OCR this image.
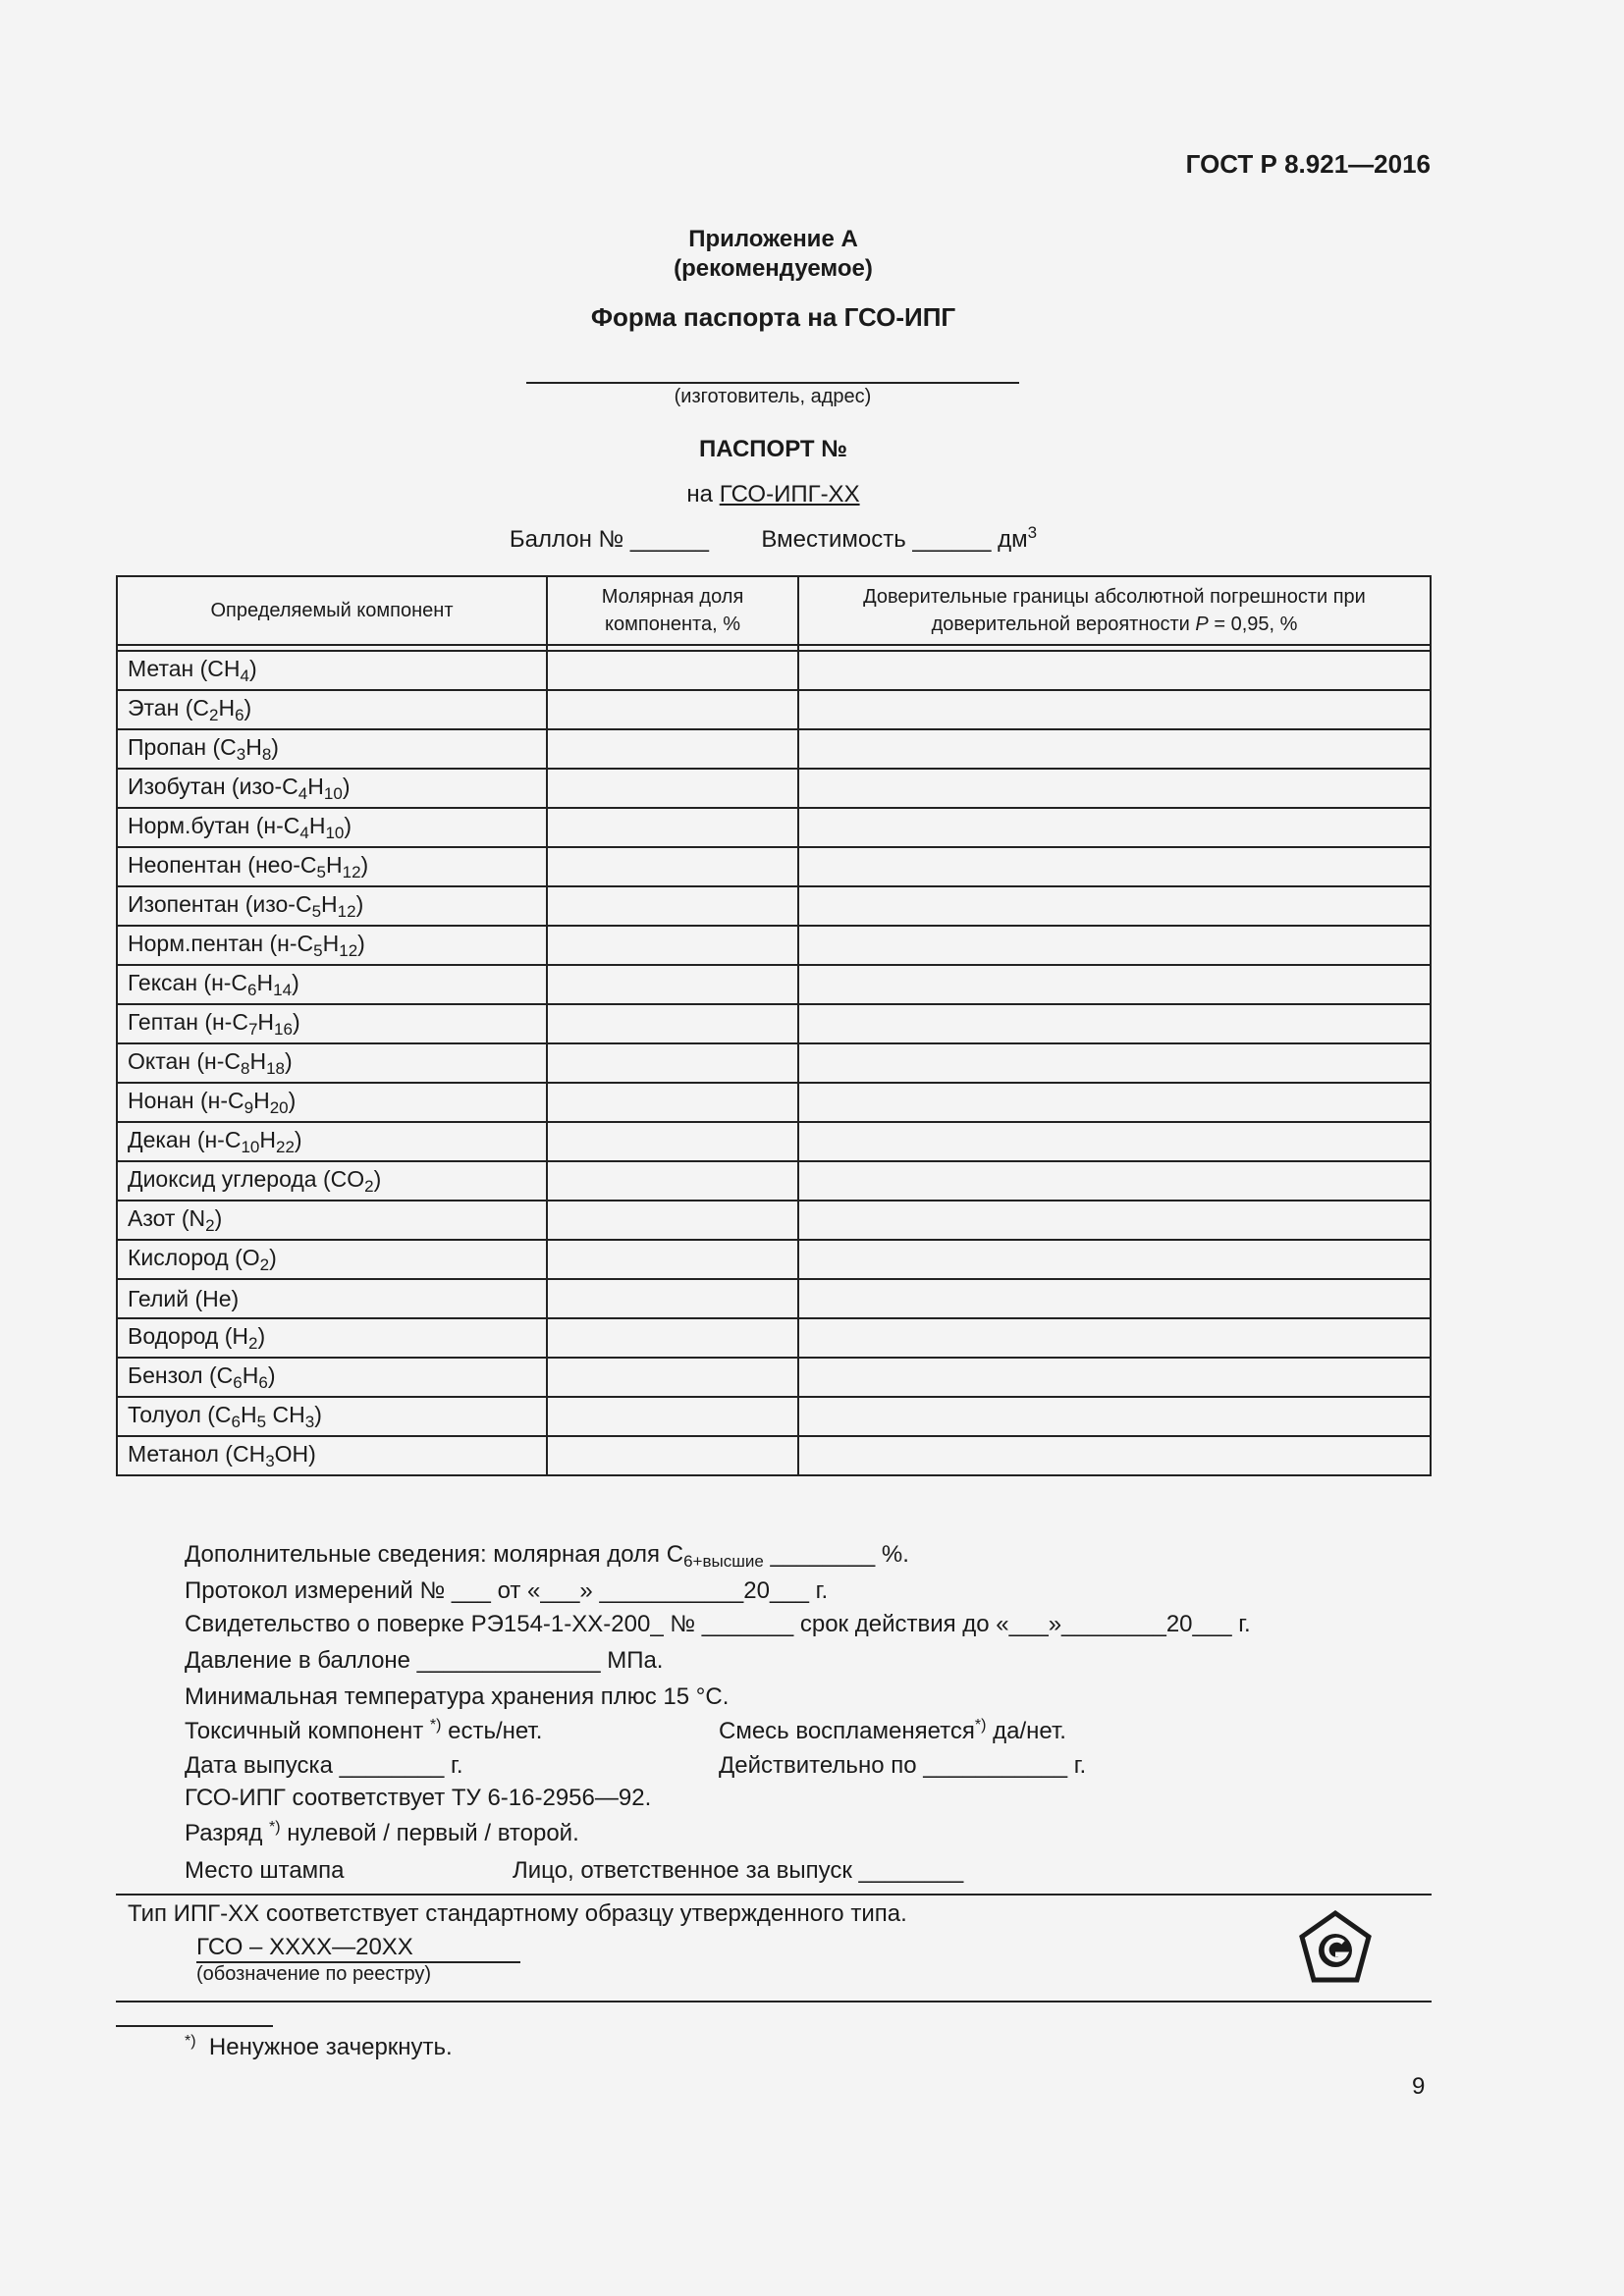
ГОСТ Р 8.921—2016
Приложение А
(рекомендуемое)
Форма паспорта на ГСО-ИПГ
(изготовитель, адрес)
ПАСПОРТ №
на ГСО-ИПГ-ХХ
Баллон № ______ Вместимость ______ $дм^3$
Определяемый компонент	Молярная доля компонента, %	Доверительные границы абсолютной погрешности при доверительной вероятности P = 0,95, %

Метан $(CH_4)$		
Этан $(C_2H_6)$		
Пропан $(C_3H_8)$		
Изобутан $(изо-C_4H_{10})$		
Норм.бутан $(н-C_4H_{10})$		
Неопентан $(нео-C_5H_{12})$		
Изопентан $(изо-C_5H_{12})$		
Норм.пентан $(н-C_5H_{12})$		
Гексан $(н-C_6H_{14})$		
Гептан $(н-C_7H_{16})$		
Октан $(н-C_8H_{18})$		
Нонан $(н-C_9H_{20})$		
Декан $(н-C_{10}H_{22})$		
Диоксид углерода $(CO_2)$		
Азот $(N_2)$		
Кислород $(O_2)$		
Гелий (He)		
Водород $(H_2)$		
Бензол $(C_6H_6)$		
Толуол ($C_6H_5$ $CH_3$)		
Метанол $(CH_3OH)$		
Дополнительные сведения: молярная доля $C_{6+высшие}$ ________ %.
Протокол измерений № ___ от «___» ___________20___ г.
Свидетельство о поверке РЭ154-1-ХХ-200_ № _______ срок действия до «___»________20___ г.
Давление в баллоне ______________ МПа.
Минимальная температура хранения плюс 15 °С.
Токсичный компонент *) есть/нет.	Смесь воспламеняется*) да/нет.
Дата выпуска ________ г.	Действительно по ___________ г.
ГСО-ИПГ соответствует ТУ 6-16-2956—92.
Разряд *) нулевой / первый / второй.
Место штампа	Лицо, ответственное за выпуск ________
Тип ИПГ-ХХ соответствует стандартному образцу утвержденного типа.
ГСО – ХХХХ—20ХХ
(обозначение по реестру)
*) Ненужное зачеркнуть.
9
